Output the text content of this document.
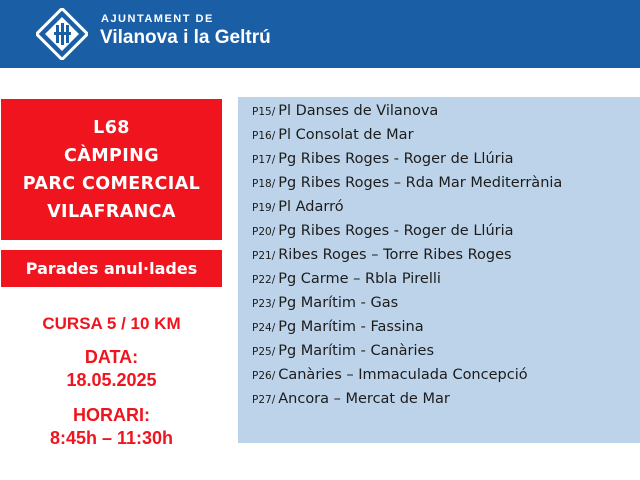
AJUNTAMENT DE
Vilanova i la Geltrú
L68
CÀMPING
PARC COMERCIAL
VILAFRANCA
Parades anul·lades
CURSA 5 / 10 KM
DATA:
18.05.2025
HORARI:
8:45h – 11:30h
P15/ Pl Danses de Vilanova
P16/ Pl Consolat de Mar
P17/ Pg Ribes Roges - Roger de Llúria
P18/ Pg Ribes Roges – Rda Mar Mediterrània
P19/ Pl Adarró
P20/ Pg Ribes Roges - Roger de Llúria
P21/ Ribes Roges – Torre Ribes Roges
P22/ Pg Carme – Rbla Pirelli
P23/ Pg Marítim - Gas
P24/ Pg Marítim - Fassina
P25/ Pg Marítim - Canàries
P26/ Canàries – Immaculada Concepció
P27/ Ancora – Mercat de Mar
